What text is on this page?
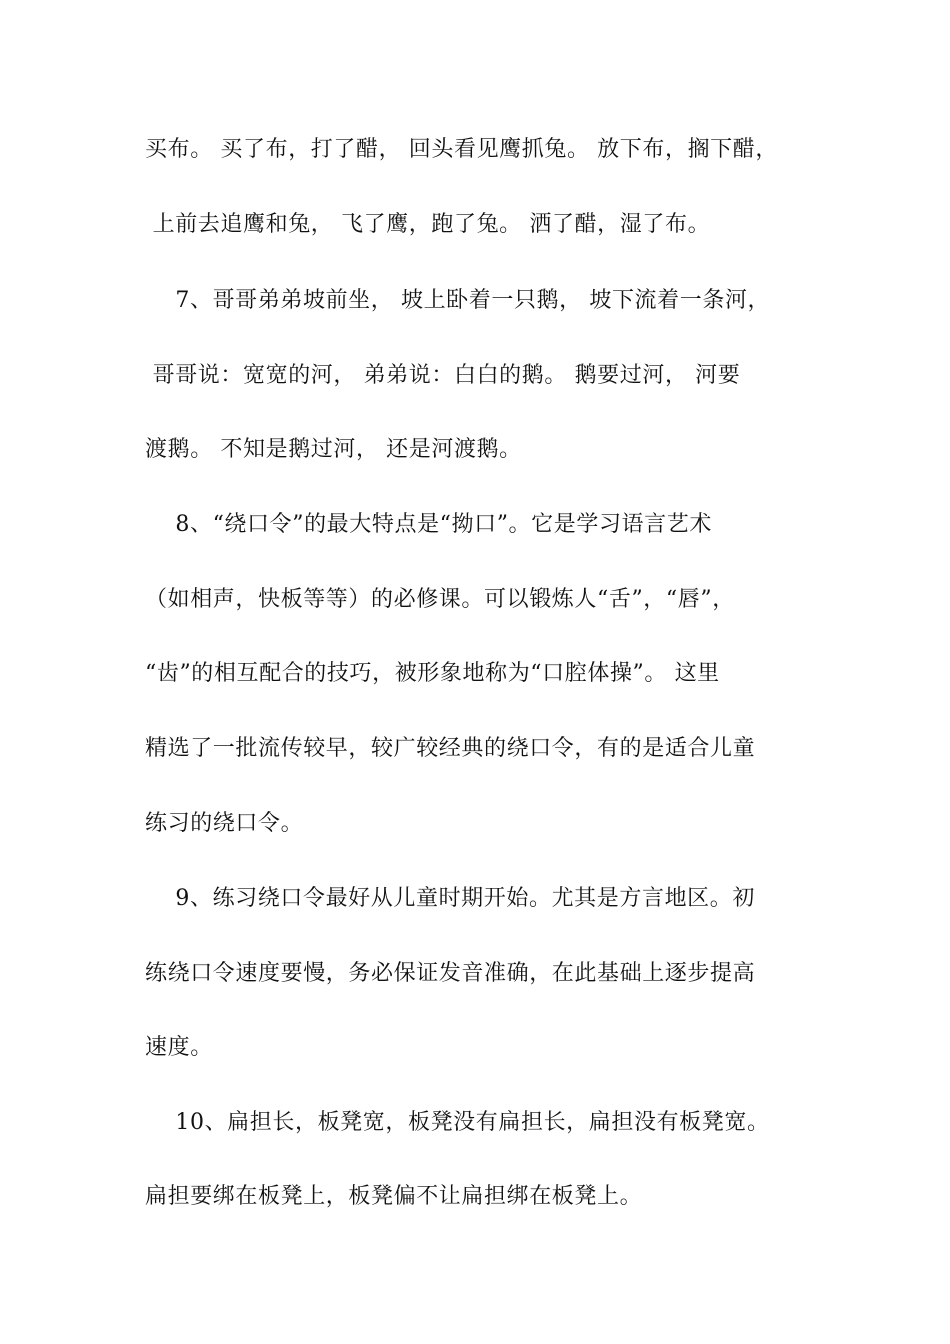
买布。 买了布，打了醋， 回头看见鹰抓兔。 放下布，搁下醋，
上前去追鹰和兔， 飞了鹰，跑了兔。 洒了醋，湿了布。
7、哥哥弟弟坡前坐， 坡上卧着一只鹅， 坡下流着一条河，
哥哥说：宽宽的河， 弟弟说：白白的鹅。 鹅要过河， 河要
渡鹅。 不知是鹅过河， 还是河渡鹅。
8、“绕口令”的最大特点是“拗口”。它是学习语言艺术
（如相声，快板等等）的必修课。可以锻炼人“舌”，“唇”，
“齿”的相互配合的技巧，被形象地称为“口腔体操”。 这里
精选了一批流传较早，较广较经典的绕口令，有的是适合儿童
练习的绕口令。
9、练习绕口令最好从儿童时期开始。尤其是方言地区。初
练绕口令速度要慢，务必保证发音准确，在此基础上逐步提高
速度。
10、扁担长，板凳宽，板凳没有扁担长，扁担没有板凳宽。
扁担要绑在板凳上，板凳偏不让扁担绑在板凳上。
